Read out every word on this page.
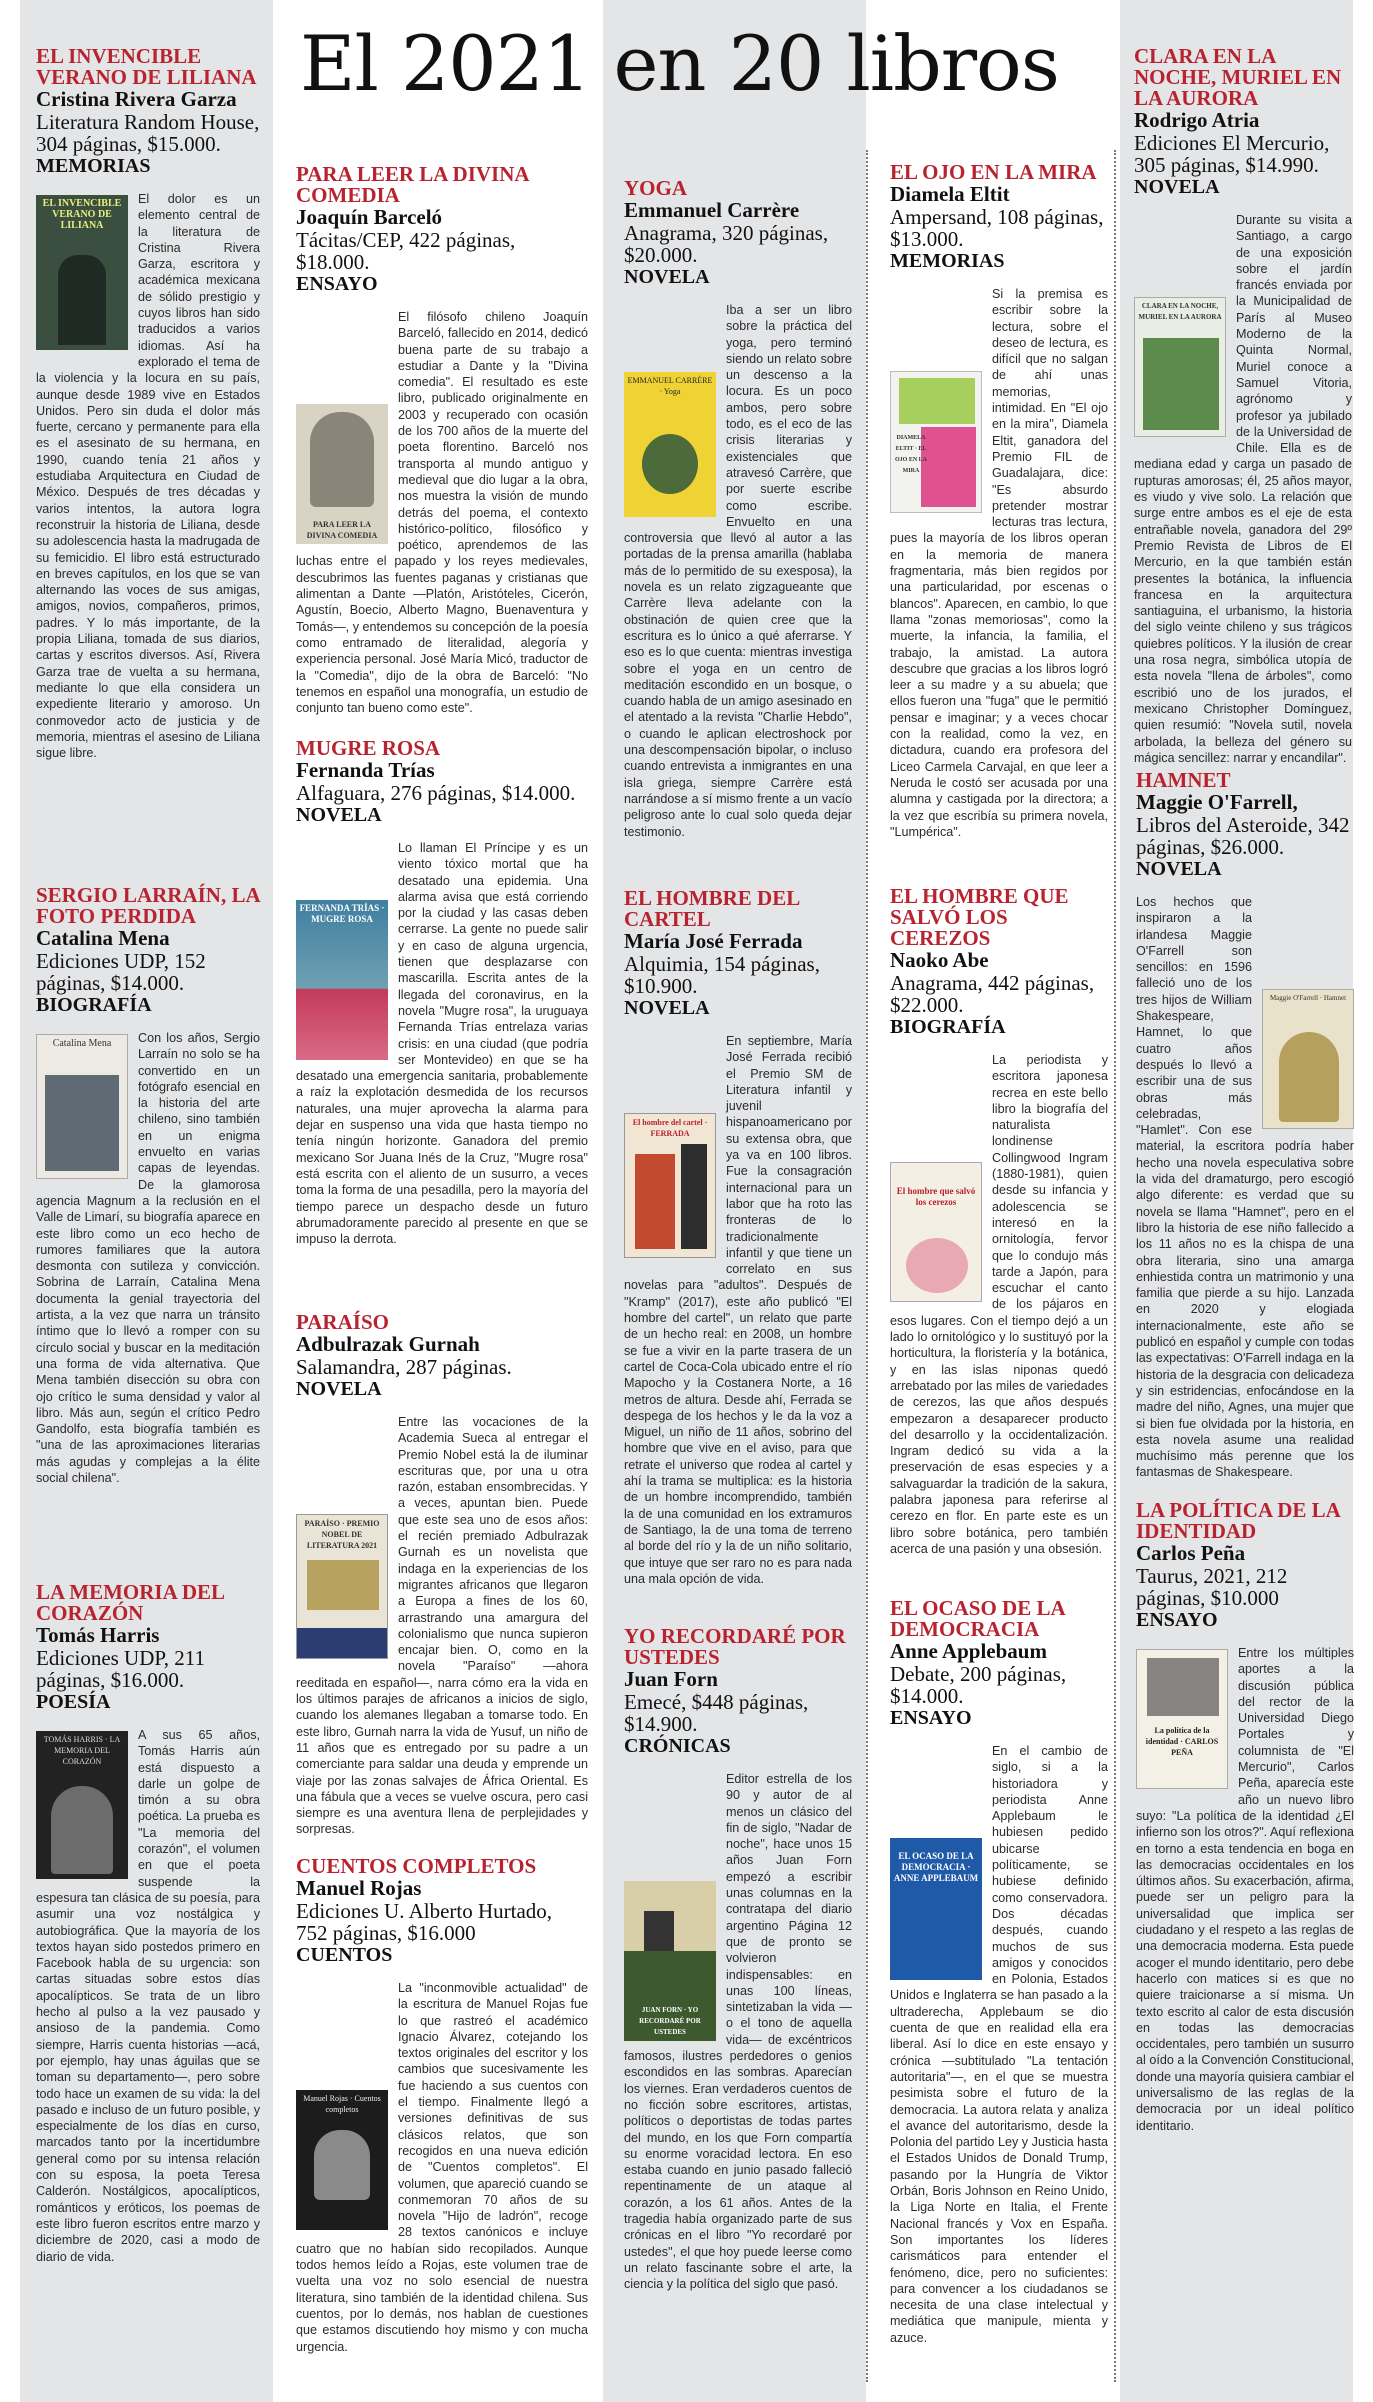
El 2021 en 20 libros
EL INVENCIBLE VERANO DE LILIANA
Cristina Rivera Garza
Literatura Random House, 304 páginas, $15.000.
MEMORIAS
EL INVENCIBLE VERANO DE LILIANA
El dolor es un elemento central de la literatura de Cristina Rivera Garza, escritora y académica mexicana de sólido prestigio y cuyos libros han sido traducidos a varios idiomas. Así ha explorado el tema de la violencia y la locura en su país, aunque desde 1989 vive en Estados Unidos. Pero sin duda el dolor más fuerte, cercano y permanente para ella es el asesinato de su hermana, en 1990, cuando tenía 21 años y estudiaba Arquitectura en Ciudad de México. Después de tres décadas y varios intentos, la autora logra reconstruir la historia de Liliana, desde su adolescencia hasta la madrugada de su femicidio. El libro está estructurado en breves capítulos, en los que se van alternando las voces de sus amigas, amigos, novios, compañeros, primos, padres. Y lo más importante, de la propia Liliana, tomada de sus diarios, cartas y escritos diversos. Así, Rivera Garza trae de vuelta a su hermana, mediante lo que ella considera un expediente literario y amoroso. Un conmovedor acto de justicia y de memoria, mientras el asesino de Liliana sigue libre.
SERGIO LARRAÍN, LA FOTO PERDIDA
Catalina Mena
Ediciones UDP, 152 páginas, $14.000.
BIOGRAFÍA
Catalina Mena	Con los años, Sergio Larraín no solo se ha convertido en un fotógrafo esencial en la historia del arte chileno, sino también en un enigma envuelto en varias capas de leyendas. De la glamorosa agencia Magnum a la reclusión en el Valle de Limarí, su biografía aparece en este libro como un eco hecho de rumores familiares que la autora desmonta con sutileza y convicción. Sobrina de Larraín, Catalina Mena documenta la genial trayectoria del artista, a la vez que narra un tránsito íntimo que lo llevó a romper con su círculo social y buscar en la meditación una forma de vida alternativa. Que Mena también disección su obra con ojo crítico le suma densidad y valor al libro. Más aun, según el crítico Pedro Gandolfo, esta biografía también es "una de las aproximaciones literarias más agudas y complejas a la élite social chilena".
LA MEMORIA DEL CORAZÓN
Tomás Harris
Ediciones UDP, 211 páginas, $16.000.
POESÍA
TOMÁS HARRIS · LA MEMORIA DEL CORAZÓN
A sus 65 años, Tomás Harris aún está dispuesto a darle un golpe de timón a su obra poética. La prueba es "La memoria del corazón", el volumen en que el poeta suspende la espesura tan clásica de su poesía, para asumir una voz nostálgica y autobiográfica. Que la mayoría de los textos hayan sido postedos primero en Facebook habla de su urgencia: son cartas situadas sobre estos días apocalípticos. Se trata de un libro hecho al pulso a la vez pausado y ansioso de la pandemia. Como siempre, Harris cuenta historias —acá, por ejemplo, hay unas águilas que se toman su departamento—, pero sobre todo hace un examen de su vida: la del pasado e incluso de un futuro posible, y especialmente de los días en curso, marcados tanto por la incertidumbre general como por su intensa relación con su esposa, la poeta Teresa Calderón. Nostálgicos, apocalípticos, románticos y eróticos, los poemas de este libro fueron escritos entre marzo y diciembre de 2020, casi a modo de diario de vida.
PARA LEER LA DIVINA COMEDIA
Joaquín Barceló
Tácitas/CEP, 422 páginas, $18.000.
ENSAYO
PARA LEER LA DIVINA COMEDIA
El filósofo chileno Joaquín Barceló, fallecido en 2014, dedicó buena parte de su trabajo a estudiar a Dante y la "Divina comedia". El resultado es este libro, publicado originalmente en 2003 y recuperado con ocasión de los 700 años de la muerte del poeta florentino. Barceló nos transporta al mundo antiguo y medieval que dio lugar a la obra, nos muestra la visión de mundo detrás del poema, el contexto histórico-político, filosófico y poético, aprendemos de las luchas entre el papado y los reyes medievales, descubrimos las fuentes paganas y cristianas que alimentan a Dante —Platón, Aristóteles, Cicerón, Agustín, Boecio, Alberto Magno, Buenaventura y Tomás—, y entendemos su concepción de la poesía como entramado de literalidad, alegoría y experiencia personal. José María Micó, traductor de la "Comedia", dijo de la obra de Barceló: "No tenemos en español una monografía, un estudio de conjunto tan bueno como este".
MUGRE ROSA
Fernanda Trías
Alfaguara, 276 páginas, $14.000.
NOVELA
FERNANDA TRÍAS · MUGRE ROSA
Lo llaman El Príncipe y es un viento tóxico mortal que ha desatado una epidemia. Una alarma avisa que está corriendo por la ciudad y las casas deben cerrarse. La gente no puede salir y en caso de alguna urgencia, tienen que desplazarse con mascarilla. Escrita antes de la llegada del coronavirus, en la novela "Mugre rosa", la uruguaya Fernanda Trías entrelaza varias crisis: en una ciudad (que podría ser Montevideo) en que se ha desatado una emergencia sanitaria, probablemente a raíz la explotación desmedida de los recursos naturales, una mujer aprovecha la alarma para dejar en suspenso una vida que hasta tiempo no tenía ningún horizonte. Ganadora del premio mexicano Sor Juana Inés de la Cruz, "Mugre rosa" está escrita con el aliento de un susurro, a veces toma la forma de una pesadilla, pero la mayoría del tiempo parece un despacho desde un futuro abrumadoramente parecido al presente en que se impuso la derrota.
PARAÍSO
Adbulrazak Gurnah
Salamandra, 287 páginas.
NOVELA
PARAÍSO · PREMIO NOBEL DE LITERATURA 2021
Entre las vocaciones de la Academia Sueca al entregar el Premio Nobel está la de iluminar escrituras que, por una u otra razón, estaban ensombrecidas. Y a veces, apuntan bien. Puede que este sea uno de esos años: el recién premiado Adbulrazak Gurnah es un novelista que indaga en la experiencias de los migrantes africanos que llegaron a Europa a fines de los 60, arrastrando una amargura del colonialismo que nunca supieron encajar bien. O, como en la novela "Paraíso" —ahora reeditada en español—, narra cómo era la vida en los últimos parajes de africanos a inicios de siglo, cuando los alemanes llegaban a tomarse todo. En este libro, Gurnah narra la vida de Yusuf, un niño de 11 años que es entregado por su padre a un comerciante para saldar una deuda y emprende un viaje por las zonas salvajes de África Oriental. Es una fábula que a veces se vuelve oscura, pero casi siempre es una aventura llena de perplejidades y sorpresas.
CUENTOS COMPLETOS
Manuel Rojas
Ediciones U. Alberto Hurtado, 752 páginas, $16.000
CUENTOS
Manuel Rojas · Cuentos completos
La "inconmovible actualidad" de la escritura de Manuel Rojas fue lo que rastreó el académico Ignacio Álvarez, cotejando los textos originales del escritor y los cambios que sucesivamente les fue haciendo a sus cuentos con el tiempo. Finalmente llegó a versiones definitivas de sus clásicos relatos, que son recogidos en una nueva edición de "Cuentos completos". El volumen, que apareció cuando se conmemoran 70 años de su novela "Hijo de ladrón", recoge 28 textos canónicos e incluye cuatro que no habían sido recopilados. Aunque todos hemos leído a Rojas, este volumen trae de vuelta una voz no solo esencial de nuestra literatura, sino también de la identidad chilena. Sus cuentos, por lo demás, nos hablan de cuestiones que estamos discutiendo hoy mismo y con mucha urgencia.
YOGA
Emmanuel Carrère
Anagrama, 320 páginas, $20.000.
NOVELA
EMMANUEL CARRÈRE · Yoga
Iba a ser un libro sobre la práctica del yoga, pero terminó siendo un relato sobre un descenso a la locura. Es un poco ambos, pero sobre todo, es el eco de las crisis literarias y existenciales que atravesó Carrère, que por suerte escribe como escribe. Envuelto en una controversia que llevó al autor a las portadas de la prensa amarilla (hablaba más de lo permitido de su exesposa), la novela es un relato zigzagueante que Carrère lleva adelante con la obstinación de quien cree que la escritura es lo único a qué aferrarse. Y eso es lo que cuenta: mientras investiga sobre el yoga en un centro de meditación escondido en un bosque, o cuando habla de un amigo asesinado en el atentado a la revista "Charlie Hebdo", o cuando le aplican electroshock por una descompensación bipolar, o incluso cuando entrevista a inmigrantes en una isla griega, siempre Carrère está narrándose a sí mismo frente a un vacío peligroso ante lo cual solo queda dejar testimonio.
EL HOMBRE DEL CARTEL
María José Ferrada
Alquimia, 154 páginas, $10.900.
NOVELA
El hombre del cartel · FERRADA
En septiembre, María José Ferrada recibió el Premio SM de Literatura infantil y juvenil hispanoamericano por su extensa obra, que ya va en 100 libros. Fue la consagración internacional para un labor que ha roto las fronteras de lo tradicionalmente infantil y que tiene un correlato en sus novelas para "adultos". Después de "Kramp" (2017), este año publicó "El hombre del cartel", un relato que parte de un hecho real: en 2008, un hombre se fue a vivir en la parte trasera de un cartel de Coca-Cola ubicado entre el río Mapocho y la Costanera Norte, a 16 metros de altura. Desde ahí, Ferrada se despega de los hechos y le da la voz a Miguel, un niño de 11 años, sobrino del hombre que vive en el aviso, para que retrate el universo que rodea al cartel y ahí la trama se multiplica: es la historia de un hombre incomprendido, también la de una comunidad en los extramuros de Santiago, la de una toma de terreno al borde del río y la de un niño solitario, que intuye que ser raro no es para nada una mala opción de vida.
YO RECORDARÉ POR USTEDES
Juan Forn
Emecé, $448 páginas, $14.900.
CRÓNICAS
JUAN FORN · YO RECORDARÉ POR USTEDES
Editor estrella de los 90 y autor de al menos un clásico del fin de siglo, "Nadar de noche", hace unos 15 años Juan Forn empezó a escribir unas columnas en la contratapa del diario argentino Página 12 que de pronto se volvieron indispensables: en unas 100 líneas, sintetizaban la vida —o el tono de aquella vida— de excéntricos famosos, ilustres perdedores o genios escondidos en las sombras. Aparecían los viernes. Eran verdaderos cuentos de no ficción sobre escritores, artistas, políticos o deportistas de todas partes del mundo, en los que Forn compartía su enorme voracidad lectora. En eso estaba cuando en junio pasado falleció repentinamente de un ataque al corazón, a los 61 años. Antes de la tragedia había organizado parte de sus crónicas en el libro "Yo recordaré por ustedes", el que hoy puede leerse como un relato fascinante sobre el arte, la ciencia y la política del siglo que pasó.
EL OJO EN LA MIRA
Diamela Eltit
Ampersand, 108 páginas, $13.000.
MEMORIAS
DIAMELA ELTIT · EL OJO EN LA MIRA
Si la premisa es escribir sobre la lectura, sobre el deseo de lectura, es difícil que no salgan de ahí unas memorias, intimidad. En "El ojo en la mira", Diamela Eltit, ganadora del Premio FIL de Guadalajara, dice: "Es absurdo pretender mostrar lecturas tras lectura, pues la mayoría de los libros operan en la memoria de manera fragmentaria, más bien regidos por una particularidad, por escenas o blancos". Aparecen, en cambio, lo que llama "zonas memoriosas", como la muerte, la infancia, la familia, el trabajo, la amistad. La autora descubre que gracias a los libros logró leer a su madre y a su abuela; que ellos fueron una "fuga" que le permitió pensar e imaginar; y a veces chocar con la realidad, como la vez, en dictadura, cuando era profesora del Liceo Carmela Carvajal, en que leer a Neruda le costó ser acusada por una alumna y castigada por la directora; a la vez que escribía su primera novela, "Lumpérica".
EL HOMBRE QUE SALVÓ LOS CEREZOS
Naoko Abe
Anagrama, 442 páginas, $22.000.
BIOGRAFÍA
El hombre que salvó los cerezos
La periodista y escritora japonesa recrea en este bello libro la biografía del naturalista londinense Collingwood Ingram (1880-1981), quien desde su infancia y adolescencia se interesó en la ornitología, fervor que lo condujo más tarde a Japón, para escuchar el canto de los pájaros en esos lugares. Con el tiempo dejó a un lado lo ornitológico y lo sustituyó por la horticultura, la floristería y la botánica, y en las islas niponas quedó arrebatado por las miles de variedades de cerezos, las que años después empezaron a desaparecer producto del desarrollo y la occidentalización. Ingram dedicó su vida a la preservación de esas especies y a salvaguardar la tradición de la sakura, palabra japonesa para referirse al cerezo en flor. En parte este es un libro sobre botánica, pero también acerca de una pasión y una obsesión.
EL OCASO DE LA DEMOCRACIA
Anne Applebaum
Debate, 200 páginas, $14.000.
ENSAYO
EL OCASO DE LA DEMOCRACIA · ANNE APPLEBAUM
En el cambio de siglo, si a la historiadora y periodista Anne Applebaum le hubiesen pedido ubicarse políticamente, se hubiese definido como conservadora. Dos décadas después, cuando muchos de sus amigos y conocidos en Polonia, Estados Unidos e Inglaterra se han pasado a la ultraderecha, Applebaum se dio cuenta de que en realidad ella era liberal. Así lo dice en este ensayo y crónica —subtitulado "La tentación autoritaria"—, en el que se muestra pesimista sobre el futuro de la democracia. La autora relata y analiza el avance del autoritarismo, desde la Polonia del partido Ley y Justicia hasta el Estados Unidos de Donald Trump, pasando por la Hungría de Viktor Orbán, Boris Johnson en Reino Unido, la Liga Norte en Italia, el Frente Nacional francés y Vox en España. Son importantes los líderes carismáticos para entender el fenómeno, dice, pero no suficientes: para convencer a los ciudadanos se necesita de una clase intelectual y mediática que manipule, mienta y azuce.
CLARA EN LA NOCHE, MURIEL EN LA AURORA
Rodrigo Atria
Ediciones El Mercurio, 305 páginas, $14.990.
NOVELA
CLARA EN LA NOCHE, MURIEL EN LA AURORA
Durante su visita a Santiago, a cargo de una exposición sobre el jardín francés enviada por la Municipalidad de París al Museo Moderno de la Quinta Normal, Muriel conoce a Samuel Vitoria, agrónomo y profesor ya jubilado de la Universidad de Chile. Ella es de mediana edad y carga un pasado de rupturas amorosas; él, 25 años mayor, es viudo y vive solo. La relación que surge entre ambos es el eje de esta entrañable novela, ganadora del 29º Premio Revista de Libros de El Mercurio, en la que también están presentes la botánica, la influencia francesa en la arquitectura santiaguina, el urbanismo, la historia del siglo veinte chileno y sus trágicos quiebres políticos. Y la ilusión de crear una rosa negra, simbólica utopía de esta novela "llena de árboles", como escribió uno de los jurados, el mexicano Christopher Domínguez, quien resumió: "Novela sutil, novela arbolada, la belleza del género su mágica sencillez: narrar y encandilar".
HAMNET
Maggie O'Farrell,
Libros del Asteroide, 342 páginas, $26.000.
NOVELA
Maggie O'Farrell · Hamnet
Los hechos que inspiraron a la irlandesa Maggie O'Farrell son sencillos: en 1596 falleció uno de los tres hijos de William Shakespeare, Hamnet, lo que cuatro años después lo llevó a escribir una de sus obras más celebradas, "Hamlet". Con ese material, la escritora podría haber hecho una novela especulativa sobre la vida del dramaturgo, pero escogió algo diferente: es verdad que su novela se llama "Hamnet", pero en el libro la historia de ese niño fallecido a los 11 años no es la chispa de una obra literaria, sino una amarga enhiestida contra un matrimonio y una familia que pierde a su hijo. Lanzada en 2020 y elogiada internacionalmente, este año se publicó en español y cumple con todas las expectativas: O'Farrell indaga en la historia de la desgracia con delicadeza y sin estridencias, enfocándose en la madre del niño, Agnes, una mujer que si bien fue olvidada por la historia, en esta novela asume una realidad muchísimo más perenne que los fantasmas de Shakespeare.
LA POLÍTICA DE LA IDENTIDAD
Carlos Peña
Taurus, 2021, 212 páginas, $10.000
ENSAYO
La política de la identidad · CARLOS PEÑA
Entre los múltiples aportes a la discusión pública del rector de la Universidad Diego Portales y columnista de "El Mercurio", Carlos Peña, aparecía este año un nuevo libro suyo: "La política de la identidad ¿El infierno son los otros?". Aquí reflexiona en torno a esta tendencia en boga en las democracias occidentales en los últimos años. Su exacerbación, afirma, puede ser un peligro para la universalidad que implica ser ciudadano y el respeto a las reglas de una democracia moderna. Esta puede acoger el mundo identitario, pero debe hacerlo con matices si es que no quiere traicionarse a sí misma. Un texto escrito al calor de esta discusión en todas las democracias occidentales, pero también un susurro al oído a la Convención Constitucional, donde una mayoría quisiera cambiar el universalismo de las reglas de la democracia por un ideal político identitario.
